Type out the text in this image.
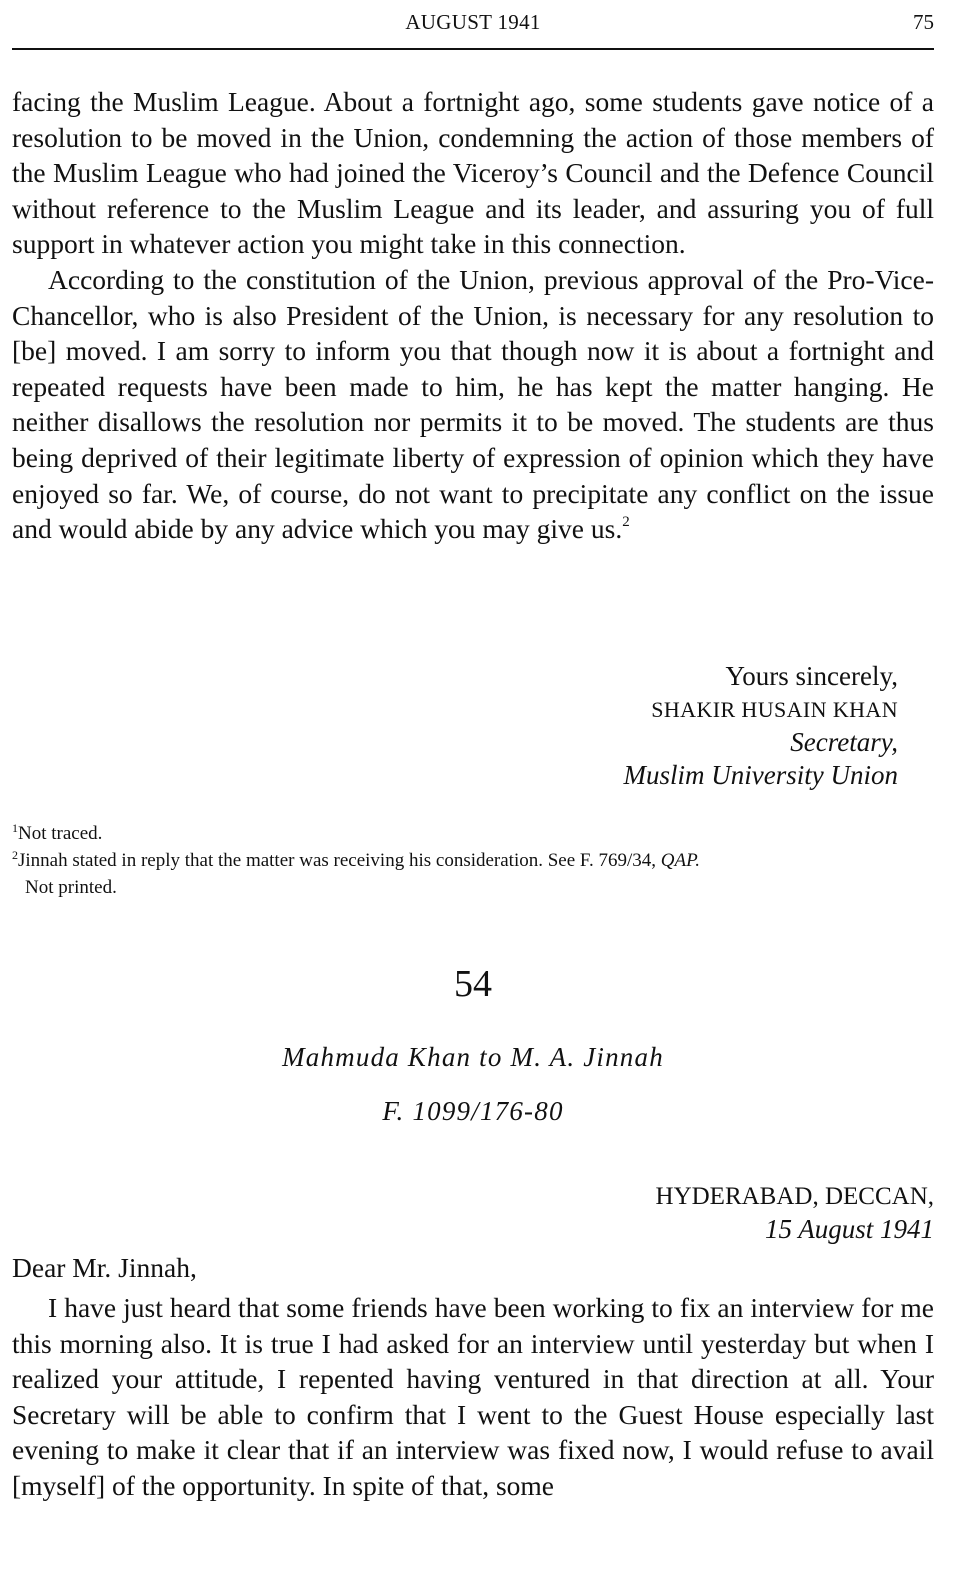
AUGUST 1941	75

facing the Muslim League. About a fortnight ago, some students gave notice of a resolution to be moved in the Union, condemning the action of those members of the Muslim League who had joined the Viceroy’s Council and the Defence Council without reference to the Muslim League and its leader, and assuring you of full support in whatever action you might take in this connection.

According to the constitution of the Union, previous approval of the Pro-Vice-Chancellor, who is also President of the Union, is necessary for any resolution to [be] moved. I am sorry to inform you that though now it is about a fortnight and repeated requests have been made to him, he has kept the matter hanging. He neither disallows the resolution nor permits it to be moved. The students are thus being deprived of their legitimate liberty of expression of opinion which they have enjoyed so far. We, of course, do not want to precipitate any conflict on the issue and would abide by any advice which you may give us.$^2$

Yours sincerely,
SHAKIR HUSAIN KHAN
Secretary,
Muslim University Union
$^1$Not traced.
$^2$Jinnah stated in reply that the matter was receiving his consideration. See F. 769/34, QAP.
Not printed.
54
Mahmuda Khan to M. A. Jinnah
F. 1099/176-80
HYDERABAD, DECCAN,
15 August 1941
Dear Mr. Jinnah,

I have just heard that some friends have been working to fix an interview for me this morning also. It is true I had asked for an interview until yesterday but when I realized your attitude, I repented having ventured in that direction at all. Your Secretary will be able to confirm that I went to the Guest House especially last evening to make it clear that if an interview was fixed now, I would refuse to avail [myself] of the opportunity. In spite of that, some
